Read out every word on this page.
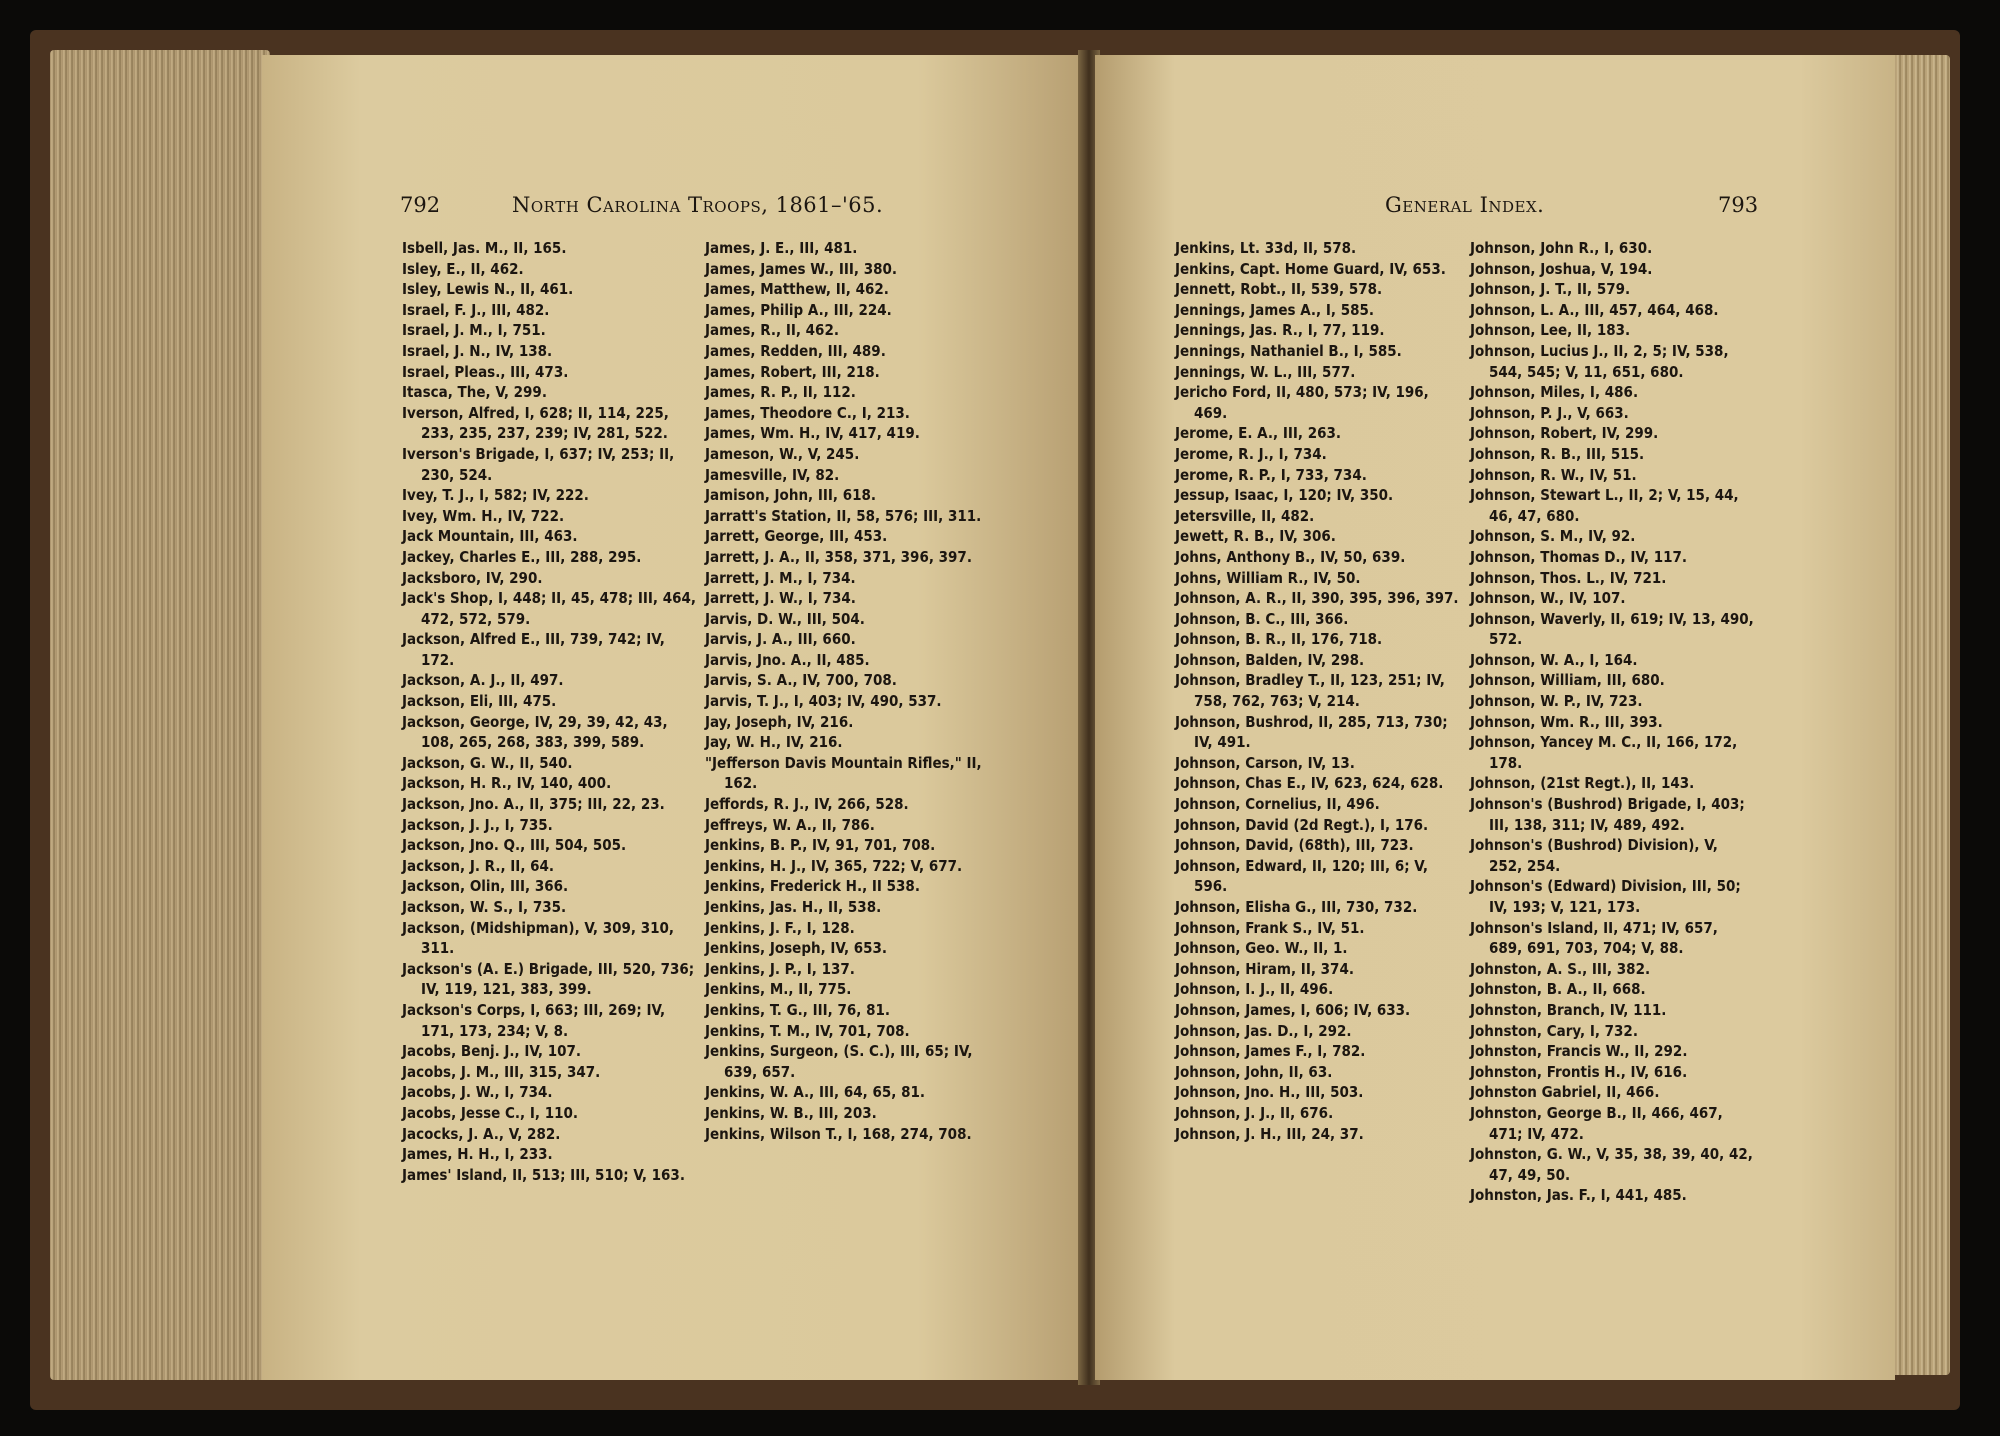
792	North Carolina Troops, 1861–'65.
Isbell, Jas. M., II, 165.
Isley, E., II, 462.
Isley, Lewis N., II, 461.
Israel, F. J., III, 482.
Israel, J. M., I, 751.
Israel, J. N., IV, 138.
Israel, Pleas., III, 473.
Itasca, The, V, 299.
Iverson, Alfred, I, 628; II, 114, 225, 233, 235, 237, 239; IV, 281, 522.
Iverson's Brigade, I, 637; IV, 253; II, 230, 524.
Ivey, T. J., I, 582; IV, 222.
Ivey, Wm. H., IV, 722.
Jack Mountain, III, 463.
Jackey, Charles E., III, 288, 295.
Jacksboro, IV, 290.
Jack's Shop, I, 448; II, 45, 478; III, 464, 472, 572, 579.
Jackson, Alfred E., III, 739, 742; IV, 172.
Jackson, A. J., II, 497.
Jackson, Eli, III, 475.
Jackson, George, IV, 29, 39, 42, 43, 108, 265, 268, 383, 399, 589.
Jackson, G. W., II, 540.
Jackson, H. R., IV, 140, 400.
Jackson, Jno. A., II, 375; III, 22, 23.
Jackson, J. J., I, 735.
Jackson, Jno. Q., III, 504, 505.
Jackson, J. R., II, 64.
Jackson, Olin, III, 366.
Jackson, W. S., I, 735.
Jackson, (Midshipman), V, 309, 310, 311.
Jackson's (A. E.) Brigade, III, 520, 736; IV, 119, 121, 383, 399.
Jackson's Corps, I, 663; III, 269; IV, 171, 173, 234; V, 8.
Jacobs, Benj. J., IV, 107.
Jacobs, J. M., III, 315, 347.
Jacobs, J. W., I, 734.
Jacobs, Jesse C., I, 110.
Jacocks, J. A., V, 282.
James, H. H., I, 233.
James' Island, II, 513; III, 510; V, 163.
James, J. E., III, 481.
James, James W., III, 380.
James, Matthew, II, 462.
James, Philip A., III, 224.
James, R., II, 462.
James, Redden, III, 489.
James, Robert, III, 218.
James, R. P., II, 112.
James, Theodore C., I, 213.
James, Wm. H., IV, 417, 419.
Jameson, W., V, 245.
Jamesville, IV, 82.
Jamison, John, III, 618.
Jarratt's Station, II, 58, 576; III, 311.
Jarrett, George, III, 453.
Jarrett, J. A., II, 358, 371, 396, 397.
Jarrett, J. M., I, 734.
Jarrett, J. W., I, 734.
Jarvis, D. W., III, 504.
Jarvis, J. A., III, 660.
Jarvis, Jno. A., II, 485.
Jarvis, S. A., IV, 700, 708.
Jarvis, T. J., I, 403; IV, 490, 537.
Jay, Joseph, IV, 216.
Jay, W. H., IV, 216.
"Jefferson Davis Mountain Rifles," II, 162.
Jeffords, R. J., IV, 266, 528.
Jeffreys, W. A., II, 786.
Jenkins, B. P., IV, 91, 701, 708.
Jenkins, H. J., IV, 365, 722; V, 677.
Jenkins, Frederick H., II 538.
Jenkins, Jas. H., II, 538.
Jenkins, J. F., I, 128.
Jenkins, Joseph, IV, 653.
Jenkins, J. P., I, 137.
Jenkins, M., II, 775.
Jenkins, T. G., III, 76, 81.
Jenkins, T. M., IV, 701, 708.
Jenkins, Surgeon, (S. C.), III, 65; IV, 639, 657.
Jenkins, W. A., III, 64, 65, 81.
Jenkins, W. B., III, 203.
Jenkins, Wilson T., I, 168, 274, 708.
General Index.	793
Jenkins, Lt. 33d, II, 578.
Jenkins, Capt. Home Guard, IV, 653.
Jennett, Robt., II, 539, 578.
Jennings, James A., I, 585.
Jennings, Jas. R., I, 77, 119.
Jennings, Nathaniel B., I, 585.
Jennings, W. L., III, 577.
Jericho Ford, II, 480, 573; IV, 196, 469.
Jerome, E. A., III, 263.
Jerome, R. J., I, 734.
Jerome, R. P., I, 733, 734.
Jessup, Isaac, I, 120; IV, 350.
Jetersville, II, 482.
Jewett, R. B., IV, 306.
Johns, Anthony B., IV, 50, 639.
Johns, William R., IV, 50.
Johnson, A. R., II, 390, 395, 396, 397.
Johnson, B. C., III, 366.
Johnson, B. R., II, 176, 718.
Johnson, Balden, IV, 298.
Johnson, Bradley T., II, 123, 251; IV, 758, 762, 763; V, 214.
Johnson, Bushrod, II, 285, 713, 730; IV, 491.
Johnson, Carson, IV, 13.
Johnson, Chas E., IV, 623, 624, 628.
Johnson, Cornelius, II, 496.
Johnson, David (2d Regt.), I, 176.
Johnson, David, (68th), III, 723.
Johnson, Edward, II, 120; III, 6; V, 596.
Johnson, Elisha G., III, 730, 732.
Johnson, Frank S., IV, 51.
Johnson, Geo. W., II, 1.
Johnson, Hiram, II, 374.
Johnson, I. J., II, 496.
Johnson, James, I, 606; IV, 633.
Johnson, Jas. D., I, 292.
Johnson, James F., I, 782.
Johnson, John, II, 63.
Johnson, Jno. H., III, 503.
Johnson, J. J., II, 676.
Johnson, J. H., III, 24, 37.
Johnson, John R., I, 630.
Johnson, Joshua, V, 194.
Johnson, J. T., II, 579.
Johnson, L. A., III, 457, 464, 468.
Johnson, Lee, II, 183.
Johnson, Lucius J., II, 2, 5; IV, 538, 544, 545; V, 11, 651, 680.
Johnson, Miles, I, 486.
Johnson, P. J., V, 663.
Johnson, Robert, IV, 299.
Johnson, R. B., III, 515.
Johnson, R. W., IV, 51.
Johnson, Stewart L., II, 2; V, 15, 44, 46, 47, 680.
Johnson, S. M., IV, 92.
Johnson, Thomas D., IV, 117.
Johnson, Thos. L., IV, 721.
Johnson, W., IV, 107.
Johnson, Waverly, II, 619; IV, 13, 490, 572.
Johnson, W. A., I, 164.
Johnson, William, III, 680.
Johnson, W. P., IV, 723.
Johnson, Wm. R., III, 393.
Johnson, Yancey M. C., II, 166, 172, 178.
Johnson, (21st Regt.), II, 143.
Johnson's (Bushrod) Brigade, I, 403; III, 138, 311; IV, 489, 492.
Johnson's (Bushrod) Division), V, 252, 254.
Johnson's (Edward) Division, III, 50; IV, 193; V, 121, 173.
Johnson's Island, II, 471; IV, 657, 689, 691, 703, 704; V, 88.
Johnston, A. S., III, 382.
Johnston, B. A., II, 668.
Johnston, Branch, IV, 111.
Johnston, Cary, I, 732.
Johnston, Francis W., II, 292.
Johnston, Frontis H., IV, 616.
Johnston Gabriel, II, 466.
Johnston, George B., II, 466, 467, 471; IV, 472.
Johnston, G. W., V, 35, 38, 39, 40, 42, 47, 49, 50.
Johnston, Jas. F., I, 441, 485.
